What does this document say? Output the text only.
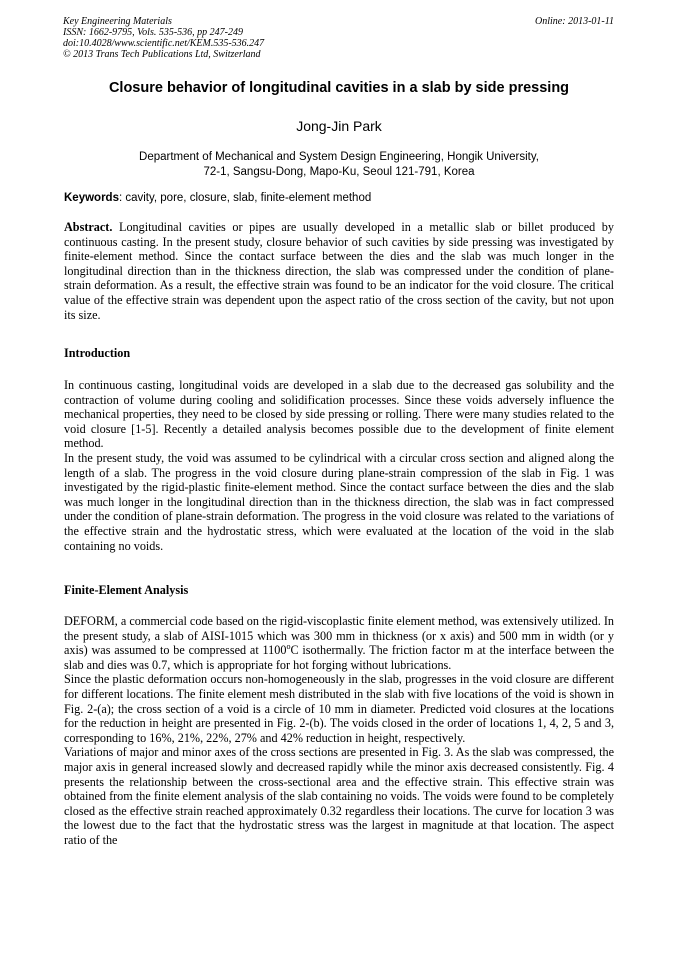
Key Engineering Materials
ISSN: 1662-9795, Vols. 535-536, pp 247-249
doi:10.4028/www.scientific.net/KEM.535-536.247
© 2013 Trans Tech Publications Ltd, Switzerland
Online: 2013-01-11
Closure behavior of longitudinal cavities in a slab by side pressing
Jong-Jin Park
Department of Mechanical and System Design Engineering, Hongik University,
72-1, Sangsu-Dong, Mapo-Ku, Seoul 121-791, Korea
Keywords: cavity, pore, closure, slab, finite-element method

Abstract. Longitudinal cavities or pipes are usually developed in a metallic slab or billet produced by continuous casting. In the present study, closure behavior of such cavities by side pressing was investigated by finite-element method. Since the contact surface between the dies and the slab was much longer in the longitudinal direction than in the thickness direction, the slab was compressed under the condition of plane-strain deformation. As a result, the effective strain was found to be an indicator for the void closure. The critical value of the effective strain was dependent upon the aspect ratio of the cross section of the cavity, but not upon its size.

Introduction

In continuous casting, longitudinal voids are developed in a slab due to the decreased gas solubility and the contraction of volume during cooling and solidification processes. Since these voids adversely influence the mechanical properties, they need to be closed by side pressing or rolling. There were many studies related to the void closure [1-5]. Recently a detailed analysis becomes possible due to the development of finite element method.

In the present study, the void was assumed to be cylindrical with a circular cross section and aligned along the length of a slab. The progress in the void closure during plane-strain compression of the slab in Fig. 1 was investigated by the rigid-plastic finite-element method. Since the contact surface between the dies and the slab was much longer in the longitudinal direction than in the thickness direction, the slab was in fact compressed under the condition of plane-strain deformation. The progress in the void closure was related to the variations of the effective strain and the hydrostatic stress, which were evaluated at the location of the void in the slab containing no voids.

Finite-Element Analysis

DEFORM, a commercial code based on the rigid-viscoplastic finite element method, was extensively utilized. In the present study, a slab of AISI-1015 which was 300 mm in thickness (or x axis) and 500 mm in width (or y axis) was assumed to be compressed at 1100$^o$C isothermally. The friction factor m at the interface between the slab and dies was 0.7, which is appropriate for hot forging without lubrications.

Since the plastic deformation occurs non-homogeneously in the slab, progresses in the void closure are different for different locations. The finite element mesh distributed in the slab with five locations of the void is shown in Fig. 2-(a); the cross section of a void is a circle of 10 mm in diameter. Predicted void closures at the locations for the reduction in height are presented in Fig. 2-(b). The voids closed in the order of locations 1, 4, 2, 5 and 3, corresponding to 16%, 21%, 22%, 27% and 42% reduction in height, respectively.

Variations of major and minor axes of the cross sections are presented in Fig. 3. As the slab was compressed, the major axis in general increased slowly and decreased rapidly while the minor axis decreased consistently. Fig. 4 presents the relationship between the cross-sectional area and the effective strain. This effective strain was obtained from the finite element analysis of the slab containing no voids. The voids were found to be completely closed as the effective strain reached approximately 0.32 regardless their locations. The curve for location 3 was the lowest due to the fact that the hydrostatic stress was the largest in magnitude at that location. The aspect ratio of the
